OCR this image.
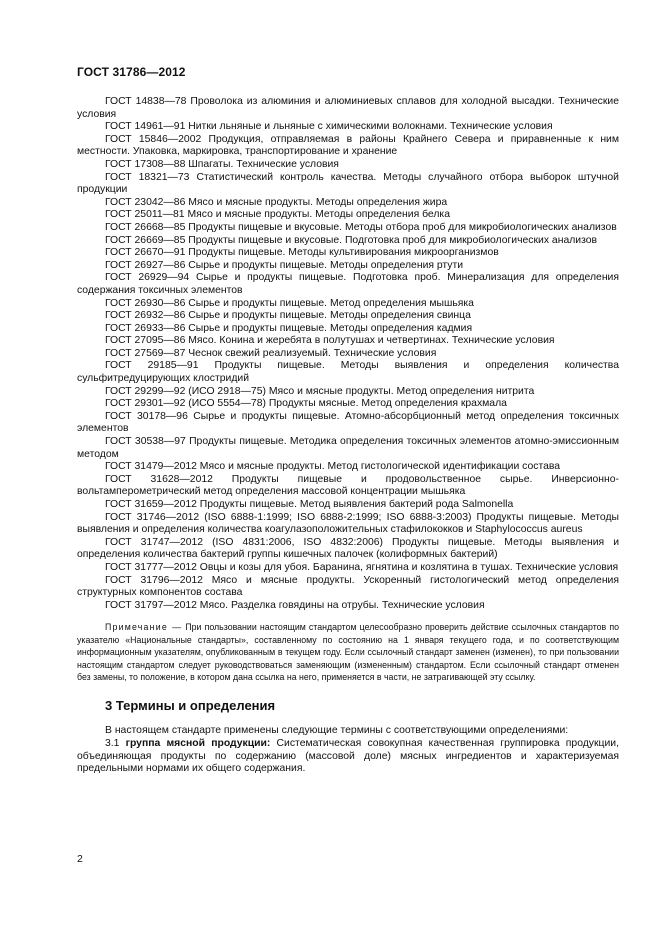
ГОСТ 31786—2012

ГОСТ 14838—78 Проволока из алюминия и алюминиевых сплавов для холодной высадки. Технические условия

ГОСТ 14961—91 Нитки льняные и льняные с химическими волокнами. Технические условия

ГОСТ 15846—2002 Продукция, отправляемая в районы Крайнего Севера и приравненные к ним местности. Упаковка, маркировка, транспортирование и хранение

ГОСТ 17308—88 Шпагаты. Технические условия

ГОСТ 18321—73 Статистический контроль качества. Методы случайного отбора выборок штучной продукции

ГОСТ 23042—86 Мясо и мясные продукты. Методы определения жира

ГОСТ 25011—81 Мясо и мясные продукты. Методы определения белка

ГОСТ 26668—85 Продукты пищевые и вкусовые. Методы отбора проб для микробиологических анализов

ГОСТ 26669—85 Продукты пищевые и вкусовые. Подготовка проб для микробиологических анализов

ГОСТ 26670—91 Продукты пищевые. Методы культивирования микроорганизмов

ГОСТ 26927—86 Сырье и продукты пищевые. Методы определения ртути

ГОСТ 26929—94 Сырье и продукты пищевые. Подготовка проб. Минерализация для определения содержания токсичных элементов

ГОСТ 26930—86 Сырье и продукты пищевые. Метод определения мышьяка

ГОСТ 26932—86 Сырье и продукты пищевые. Методы определения свинца

ГОСТ 26933—86 Сырье и продукты пищевые. Методы определения кадмия

ГОСТ 27095—86 Мясо. Конина и жеребята в полутушах и четвертинах. Технические условия

ГОСТ 27569—87 Чеснок свежий реализуемый. Технические условия

ГОСТ 29185—91 Продукты пищевые. Методы выявления и определения количества сульфитредуцирующих клостридий

ГОСТ 29299—92 (ИСО 2918—75) Мясо и мясные продукты. Метод определения нитрита

ГОСТ 29301—92 (ИСО 5554—78) Продукты мясные. Метод определения крахмала

ГОСТ 30178—96 Сырье и продукты пищевые. Атомно-абсорбционный метод определения токсичных элементов

ГОСТ 30538—97 Продукты пищевые. Методика определения токсичных элементов атомно-эмиссионным методом

ГОСТ 31479—2012 Мясо и мясные продукты. Метод гистологической идентификации состава

ГОСТ 31628—2012 Продукты пищевые и продовольственное сырье. Инверсионно-вольтамперометрический метод определения массовой концентрации мышьяка

ГОСТ 31659—2012 Продукты пищевые. Метод выявления бактерий рода Salmonella

ГОСТ 31746—2012 (ISO 6888-1:1999; ISO 6888-2:1999; ISO 6888-3:2003) Продукты пищевые. Методы выявления и определения количества коагулазоположительных стафилококков и Staphylococcus aureus

ГОСТ 31747—2012 (ISO 4831:2006, ISO 4832:2006) Продукты пищевые. Методы выявления и определения количества бактерий группы кишечных палочек (колиформных бактерий)

ГОСТ 31777—2012 Овцы и козы для убоя. Баранина, ягнятина и козлятина в тушах. Технические условия

ГОСТ 31796—2012 Мясо и мясные продукты. Ускоренный гистологический метод определения структурных компонентов состава

ГОСТ 31797—2012 Мясо. Разделка говядины на отрубы. Технические условия

Примечание — При пользовании настоящим стандартом целесообразно проверить действие ссылочных стандартов по указателю «Национальные стандарты», составленному по состоянию на 1 января текущего года, и по соответствующим информационным указателям, опубликованным в текущем году. Если ссылочный стандарт заменен (изменен), то при пользовании настоящим стандартом следует руководствоваться заменяющим (измененным) стандартом. Если ссылочный стандарт отменен без замены, то положение, в котором дана ссылка на него, применяется в части, не затрагивающей эту ссылку.

3 Термины и определения

В настоящем стандарте применены следующие термины с соответствующими определениями:

3.1 группа мясной продукции: Систематическая совокупная качественная группировка продукции, объединяющая продукты по содержанию (массовой доле) мясных ингредиентов и характеризуемая предельными нормами их общего содержания.

2
